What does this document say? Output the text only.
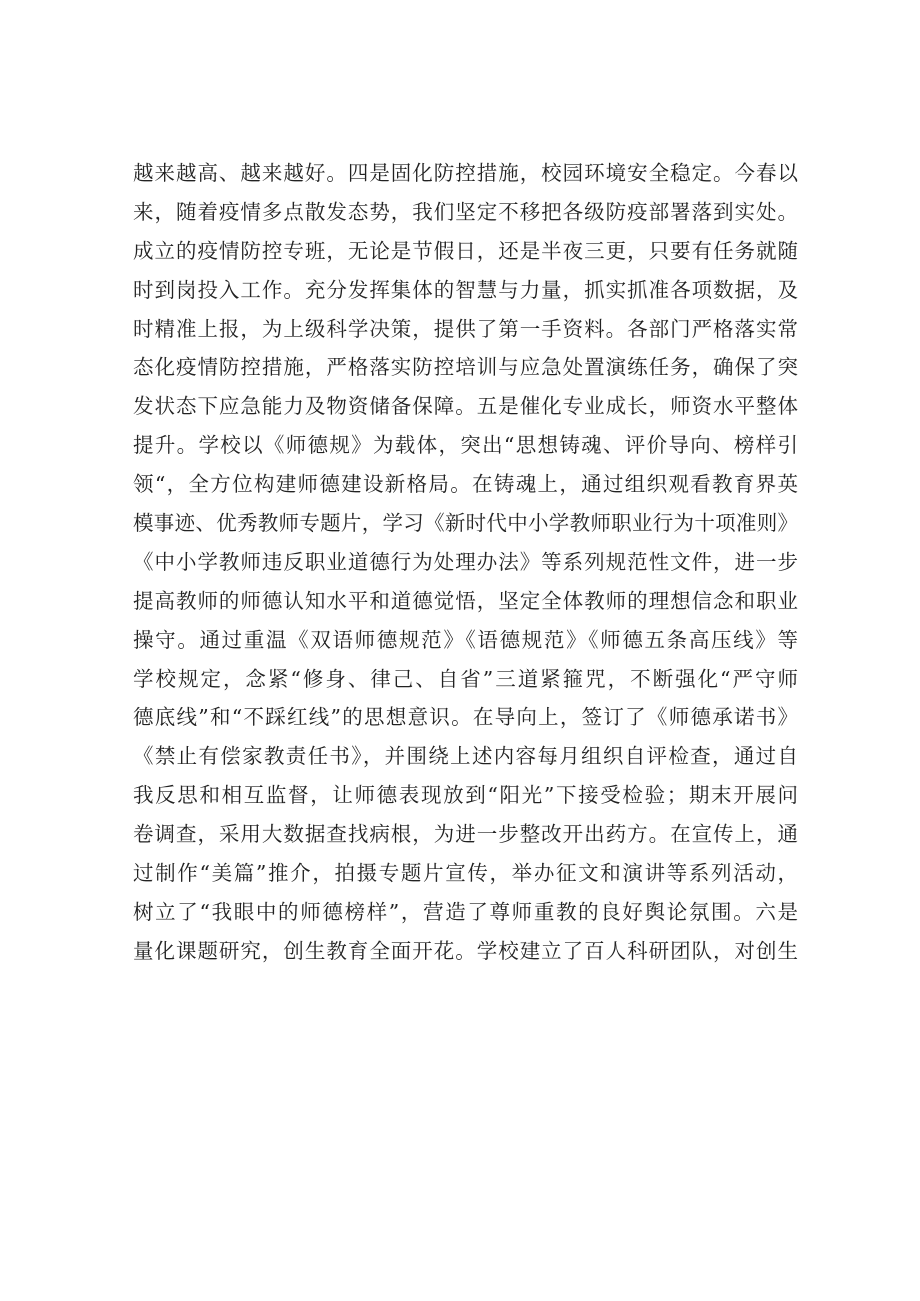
越来越高、越来越好。四是固化防控措施，校园环境安全稳定。今春以
来，随着疫情多点散发态势，我们坚定不移把各级防疫部署落到实处。
成立的疫情防控专班，无论是节假日，还是半夜三更，只要有任务就随
时到岗投入工作。充分发挥集体的智慧与力量，抓实抓准各项数据，及
时精准上报，为上级科学决策，提供了第一手资料。各部门严格落实常
态化疫情防控措施，严格落实防控培训与应急处置演练任务，确保了突
发状态下应急能力及物资储备保障。五是催化专业成长，师资水平整体
提升。学校以《师德规》为载体，突出“思想铸魂、评价导向、榜样引
领“，全方位构建师德建设新格局。在铸魂上，通过组织观看教育界英
模事迹、优秀教师专题片，学习《新时代中小学教师职业行为十项准则》
《中小学教师违反职业道德行为处理办法》等系列规范性文件，进一步
提高教师的师德认知水平和道德觉悟，坚定全体教师的理想信念和职业
操守。通过重温《双语师德规范》《语德规范》《师德五条高压线》等
学校规定，念紧“修身、律己、自省”三道紧箍咒，不断强化“严守师
德底线”和“不踩红线”的思想意识。在导向上，签订了《师德承诺书》
《禁止有偿家教责任书》，并围绕上述内容每月组织自评检查，通过自
我反思和相互监督，让师德表现放到“阳光”下接受检验；期末开展问
卷调查，采用大数据查找病根，为进一步整改开出药方。在宣传上，通
过制作“美篇”推介，拍摄专题片宣传，举办征文和演讲等系列活动，
树立了“我眼中的师德榜样”，营造了尊师重教的良好舆论氛围。六是
量化课题研究，创生教育全面开花。学校建立了百人科研团队，对创生
